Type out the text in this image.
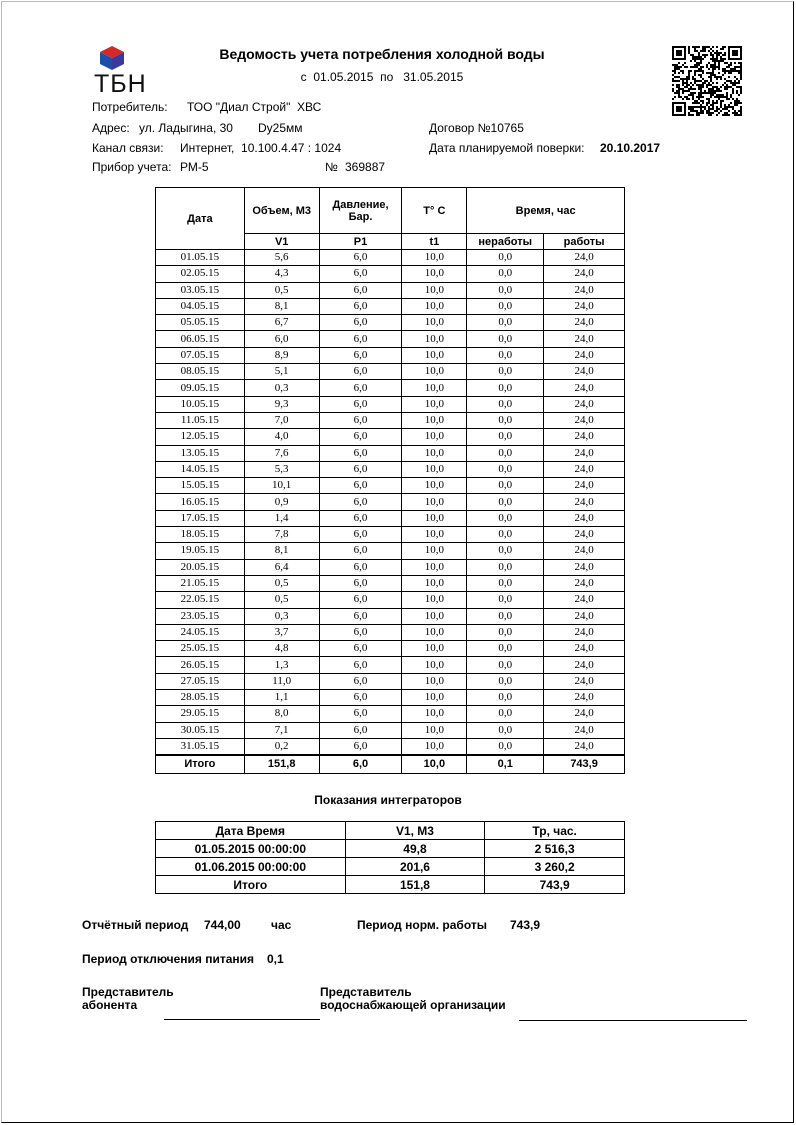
ТБН
Ведомость учета потребления холодной воды
с  01.05.2015  по   31.05.2015
Потребитель: ТОО "Диал Строй"  ХВС
Адрес: ул. Ладыгина, 30 Dy25мм	Договор №10765
Канал связи: Интернет,  10.100.4.47 : 1024	Дата планируемой поверки: 20.10.2017
Прибор учета: РМ-5	№ 369887
Дата	Объем, М3	Давление, Бар.	T° C	Время, час	
	V1	P1	t1	неработы	работы
01.05.15	5,6	6,0	10,0	0,0	24,0
02.05.15	4,3	6,0	10,0	0,0	24,0
03.05.15	0,5	6,0	10,0	0,0	24,0
04.05.15	8,1	6,0	10,0	0,0	24,0
05.05.15	6,7	6,0	10,0	0,0	24,0
06.05.15	6,0	6,0	10,0	0,0	24,0
07.05.15	8,9	6,0	10,0	0,0	24,0
08.05.15	5,1	6,0	10,0	0,0	24,0
09.05.15	0,3	6,0	10,0	0,0	24,0
10.05.15	9,3	6,0	10,0	0,0	24,0
11.05.15	7,0	6,0	10,0	0,0	24,0
12.05.15	4,0	6,0	10,0	0,0	24,0
13.05.15	7,6	6,0	10,0	0,0	24,0
14.05.15	5,3	6,0	10,0	0,0	24,0
15.05.15	10,1	6,0	10,0	0,0	24,0
16.05.15	0,9	6,0	10,0	0,0	24,0
17.05.15	1,4	6,0	10,0	0,0	24,0
18.05.15	7,8	6,0	10,0	0,0	24,0
19.05.15	8,1	6,0	10,0	0,0	24,0
20.05.15	6,4	6,0	10,0	0,0	24,0
21.05.15	0,5	6,0	10,0	0,0	24,0
22.05.15	0,5	6,0	10,0	0,0	24,0
23.05.15	0,3	6,0	10,0	0,0	24,0
24.05.15	3,7	6,0	10,0	0,0	24,0
25.05.15	4,8	6,0	10,0	0,0	24,0
26.05.15	1,3	6,0	10,0	0,0	24,0
27.05.15	11,0	6,0	10,0	0,0	24,0
28.05.15	1,1	6,0	10,0	0,0	24,0
29.05.15	8,0	6,0	10,0	0,0	24,0
30.05.15	7,1	6,0	10,0	0,0	24,0
31.05.15	0,2	6,0	10,0	0,0	24,0
Итого	151,8	6,0	10,0	0,1	743,9
Показания интеграторов
Дата Время	V1, М3	Тр, час.
01.05.2015 00:00:00	49,8	2 516,3
01.06.2015 00:00:00	201,6	3 260,2
Итого	151,8	743,9
Отчётный период 744,00	час	Период норм. работы 743,9
Период отключения питания 0,1
Представитель
абонента
Представитель
водоснабжающей организации
